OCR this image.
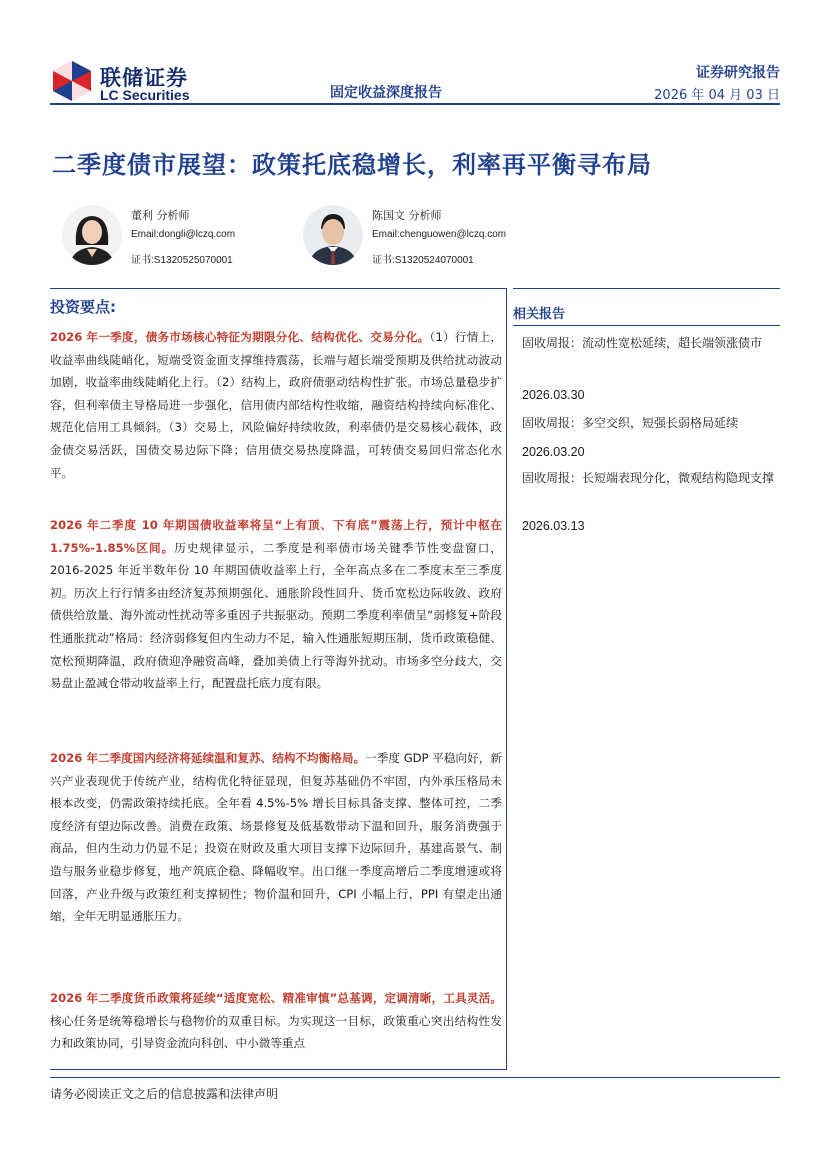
联储证券
LC Securities	固定收益深度报告
证券研究报告
2026 年 04 月 03 日
二季度债市展望：政策托底稳增长，利率再平衡寻布局
董利 分析师
Email:dongli@lczq.com
证书:S1320525070001
陈国文 分析师
Email:chenguowen@lczq.com
证书:S1320524070001
投资要点:

2026 年一季度，债务市场核心特征为期限分化、结构优化、交易分化。（1）行情上，收益率曲线陡峭化，短端受资金面支撑维持震荡，长端与超长端受预期及供给扰动波动加剧，收益率曲线陡峭化上行。（2）结构上，政府债驱动结构性扩张。市场总量稳步扩容，但利率债主导格局进一步强化，信用债内部结构性收缩，融资结构持续向标准化、规范化信用工具倾斜。（3）交易上，风险偏好持续收敛，利率债仍是交易核心载体，政金债交易活跃，国债交易边际下降；信用债交易热度降温，可转债交易回归常态化水平。

2026 年二季度 10 年期国债收益率将呈“上有顶、下有底”震荡上行，预计中枢在 1.75%-1.85%区间。历史规律显示，二季度是利率债市场关键季节性变盘窗口，2016-2025 年近半数年份 10 年期国债收益率上行，全年高点多在二季度末至三季度初。历次上行行情多由经济复苏预期强化、通胀阶段性回升、货币宽松边际收敛、政府债供给放量、海外流动性扰动等多重因子共振驱动。预期二季度利率债呈“弱修复+阶段性通胀扰动”格局：经济弱修复但内生动力不足，输入性通胀短期压制，货币政策稳健、宽松预期降温，政府债迎净融资高峰，叠加美债上行等海外扰动。市场多空分歧大，交易盘止盈减仓带动收益率上行，配置盘托底力度有限。

2026 年二季度国内经济将延续温和复苏、结构不均衡格局。一季度 GDP 平稳向好，新兴产业表现优于传统产业，结构优化特征显现，但复苏基础仍不牢固，内外承压格局未根本改变，仍需政策持续托底。全年看 4.5%-5% 增长目标具备支撑、整体可控，二季度经济有望边际改善。消费在政策、场景修复及低基数带动下温和回升，服务消费强于商品，但内生动力仍显不足；投资在财政及重大项目支撑下边际回升，基建高景气、制造与服务业稳步修复，地产筑底企稳、降幅收窄。出口继一季度高增后二季度增速或将回落，产业升级与政策红利支撑韧性；物价温和回升，CPI 小幅上行，PPI 有望走出通缩，全年无明显通胀压力。

2026 年二季度货币政策将延续“适度宽松、精准审慎”总基调，定调清晰，工具灵活。核心任务是统筹稳增长与稳物价的双重目标。为实现这一目标，政策重心突出结构性发力和政策协同，引导资金流向科创、中小微等重点

相关报告
固收周报：流动性宽松延续，超长端领涨债市
2026.03.30
固收周报：多空交织，短强长弱格局延续
2026.03.20
固收周报：长短端表现分化，微观结构隐现支撑
2026.03.13
请务必阅读正文之后的信息披露和法律声明
